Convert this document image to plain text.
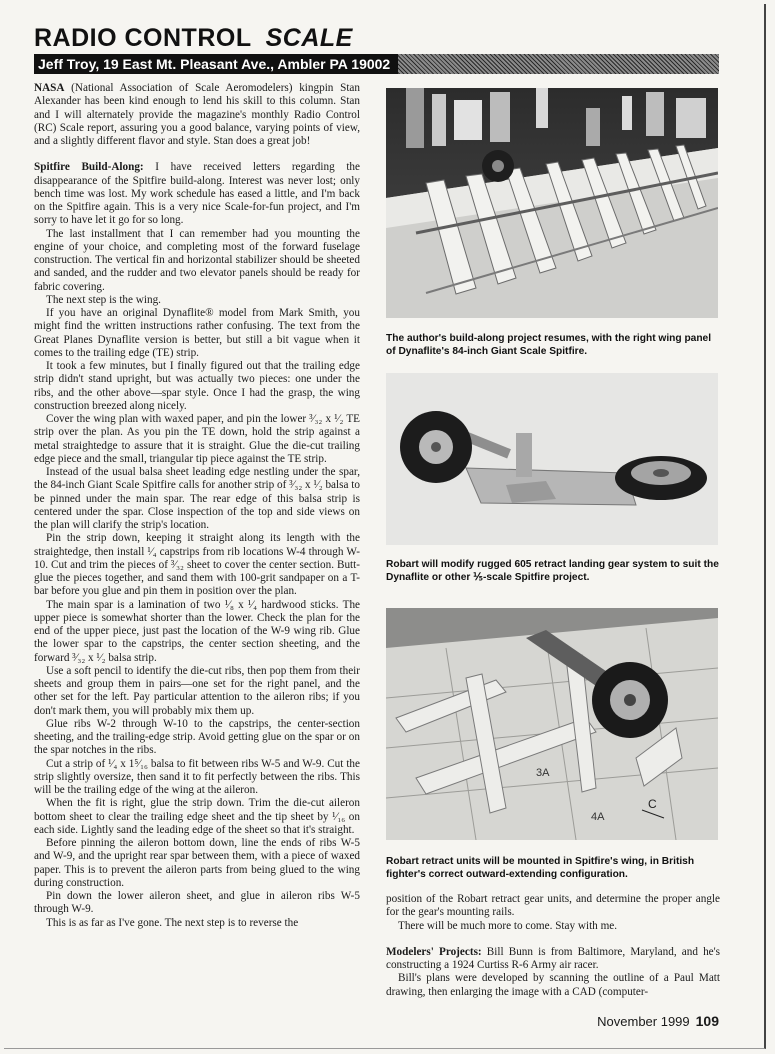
RADIO CONTROL SCALE
Jeff Troy, 19 East Mt. Pleasant Ave., Ambler PA 19002

NASA (National Association of Scale Aeromodelers) kingpin Stan Alexander has been kind enough to lend his skill to this column. Stan and I will alternately provide the magazine's monthly Radio Control (RC) Scale report, assuring you a good balance, varying points of view, and a slightly different flavor and style. Stan does a great job!

Spitfire Build-Along: I have received letters regarding the disappearance of the Spitfire build-along. Interest was never lost; only bench time was lost. My work schedule has eased a little, and I'm back on the Spitfire again. This is a very nice Scale-for-fun project, and I'm sorry to have let it go for so long.

The last installment that I can remember had you mounting the engine of your choice, and completing most of the forward fuselage construction. The vertical fin and horizontal stabilizer should be sheeted and sanded, and the rudder and two elevator panels should be ready for fabric covering.

The next step is the wing.

If you have an original Dynaflite® model from Mark Smith, you might find the written instructions rather confusing. The text from the Great Planes Dynaflite version is better, but still a bit vague when it comes to the trailing edge (TE) strip.

It took a few minutes, but I finally figured out that the trailing edge strip didn't stand upright, but was actually two pieces: one under the ribs, and the other above—spar style. Once I had the grasp, the wing construction breezed along nicely.

Cover the wing plan with waxed paper, and pin the lower ³⁄₃₂ x ¹⁄₂ TE strip over the plan. As you pin the TE down, hold the strip against a metal straightedge to assure that it is straight. Glue the die-cut trailing edge piece and the small, triangular tip piece against the TE strip.

Instead of the usual balsa sheet leading edge nestling under the spar, the 84-inch Giant Scale Spitfire calls for another strip of ³⁄₃₂ x ¹⁄₂ balsa to be pinned under the main spar. The rear edge of this balsa strip is centered under the spar. Close inspection of the top and side views on the plan will clarify the strip's location.

Pin the strip down, keeping it straight along its length with the straightedge, then install ¹⁄₄ capstrips from rib locations W-4 through W-10. Cut and trim the pieces of ³⁄₃₂ sheet to cover the center section. Butt-glue the pieces together, and sand them with 100-grit sandpaper on a T-bar before you glue and pin them in position over the plan.

The main spar is a lamination of two ¹⁄₈ x ¹⁄₄ hardwood sticks. The upper piece is somewhat shorter than the lower. Check the plan for the end of the upper piece, just past the location of the W-9 wing rib. Glue the lower spar to the capstrips, the center section sheeting, and the forward ³⁄₃₂ x ¹⁄₂ balsa strip.

Use a soft pencil to identify the die-cut ribs, then pop them from their sheets and group them in pairs—one set for the right panel, and the other set for the left. Pay particular attention to the aileron ribs; if you don't mark them, you will probably mix them up.

Glue ribs W-2 through W-10 to the capstrips, the center-section sheeting, and the trailing-edge strip. Avoid getting glue on the spar or on the spar notches in the ribs.

Cut a strip of ¹⁄₄ x 1⁵⁄₁₆ balsa to fit between ribs W-5 and W-9. Cut the strip slightly oversize, then sand it to fit perfectly between the ribs. This will be the trailing edge of the wing at the aileron.

When the fit is right, glue the strip down. Trim the die-cut aileron bottom sheet to clear the trailing edge sheet and the tip sheet by ¹⁄₁₆ on each side. Lightly sand the leading edge of the sheet so that it's straight.

Before pinning the aileron bottom down, line the ends of ribs W-5 and W-9, and the upright rear spar between them, with a piece of waxed paper. This is to prevent the aileron parts from being glued to the wing during construction.

Pin down the lower aileron sheet, and glue in aileron ribs W-5 through W-9.

This is as far as I've gone. The next step is to reverse the

The author's build-along project resumes, with the right wing panel of Dynaflite's 84-inch Giant Scale Spitfire.
Robart will modify rugged 605 retract landing gear system to suit the Dynaflite or other ⅕-scale Spitfire project.
3A
4A
C
Robart retract units will be mounted in Spitfire's wing, in British fighter's correct outward-extending configuration.

position of the Robart retract gear units, and determine the proper angle for the gear's mounting rails.

There will be much more to come. Stay with me.

Modelers' Projects: Bill Bunn is from Baltimore, Maryland, and he's constructing a 1924 Curtiss R-6 Army air racer.

Bill's plans were developed by scanning the outline of a Paul Matt drawing, then enlarging the image with a CAD (computer-

November 1999 109
